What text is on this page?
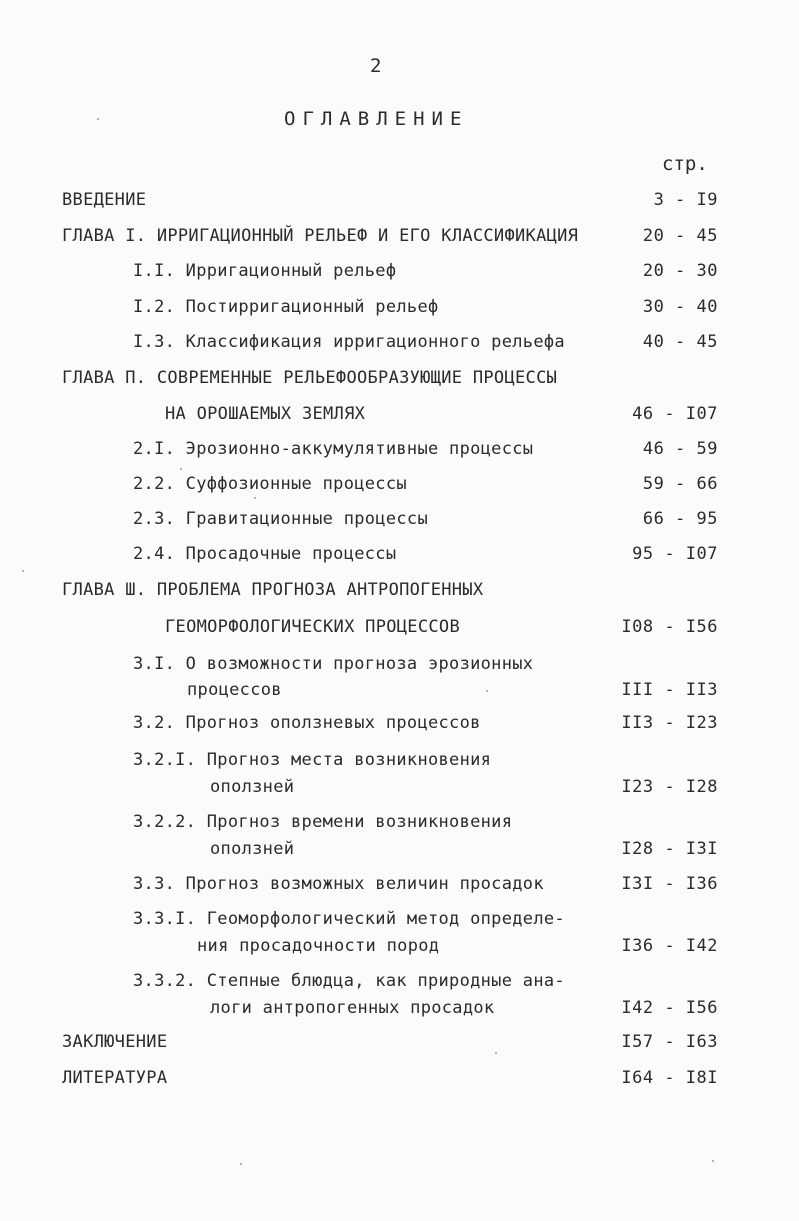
2
ОГЛАВЛЕНИЕ
стр.
ВВЕДЕНИЕ	3 - I9
ГЛАВА I. ИРРИГАЦИОННЫЙ РЕЛЬЕФ И ЕГО КЛАССИФИКАЦИЯ	20 - 45
I.I. Ирригационный рельеф	20 - 30
I.2. Постирригационный рельеф	30 - 40
I.3. Классификация ирригационного рельефа	40 - 45
ГЛАВА П. СОВРЕМЕННЫЕ РЕЛЬЕФООБРАЗУЮЩИЕ ПРОЦЕССЫ
НА ОРОШАЕМЫХ ЗЕМЛЯХ	46 - I07
2.I. Эрозионно-аккумулятивные процессы	46 - 59
2.2. Суффозионные процессы	59 - 66
2.3. Гравитационные процессы	66 - 95
2.4. Просадочные процессы	95 - I07
ГЛАВА Ш. ПРОБЛЕМА ПРОГНОЗА АНТРОПОГЕННЫХ
ГЕОМОРФОЛОГИЧЕСКИХ ПРОЦЕССОВ	I08 - I56
3.I. О возможности прогноза эрозионных
процессов	III - II3
3.2. Прогноз оползневых процессов	II3 - I23
3.2.I. Прогноз места возникновения
оползней	I23 - I28
3.2.2. Прогноз времени возникновения
оползней	I28 - I3I
3.3. Прогноз возможных величин просадок	I3I - I36
3.3.I. Геоморфологический метод определе-
ния просадочности пород	I36 - I42
3.3.2. Степные блюдца, как природные ана-
логи антропогенных просадок	I42 - I56
ЗАКЛЮЧЕНИЕ	I57 - I63
ЛИТЕРАТУРА	I64 - I8I
